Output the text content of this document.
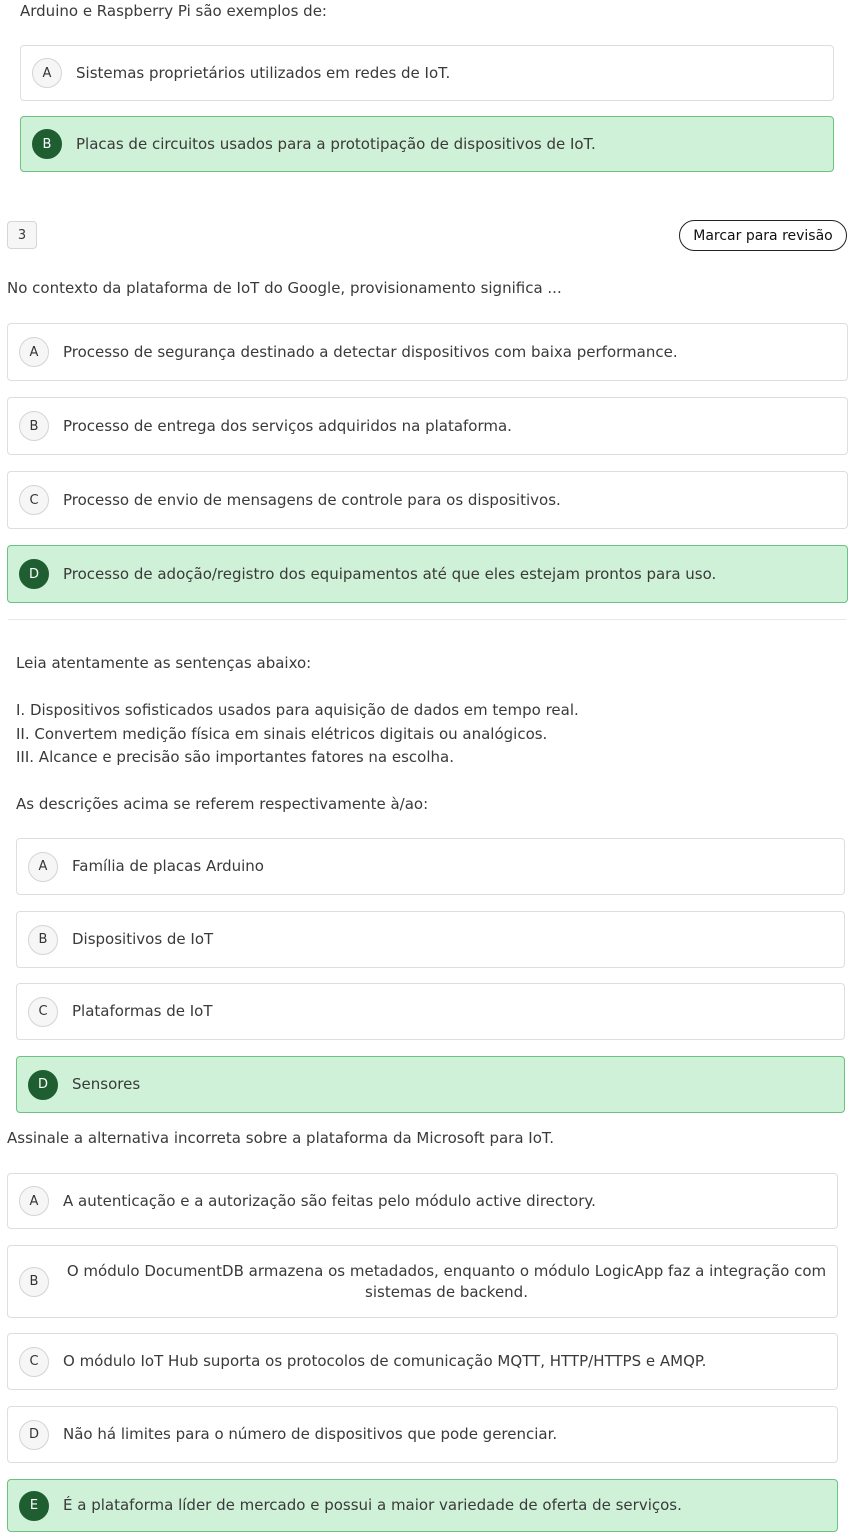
Arduino e Raspberry Pi são exemplos de:
A	Sistemas proprietários utilizados em redes de IoT.
B	Placas de circuitos usados para a prototipação de dispositivos de IoT.
3	Marcar para revisão
No contexto da plataforma de IoT do Google, provisionamento significa ...
A	Processo de segurança destinado a detectar dispositivos com baixa performance.
B	Processo de entrega dos serviços adquiridos na plataforma.
C	Processo de envio de mensagens de controle para os dispositivos.
D	Processo de adoção/registro dos equipamentos até que eles estejam prontos para uso.
Leia atentamente as sentenças abaixo:
I. Dispositivos sofisticados usados para aquisição de dados em tempo real.
II. Convertem medição física em sinais elétricos digitais ou analógicos.
III. Alcance e precisão são importantes fatores na escolha.
As descrições acima se referem respectivamente à/ao:
A	Família de placas Arduino
B	Dispositivos de IoT
C	Plataformas de IoT
D	Sensores
Assinale a alternativa incorreta sobre a plataforma da Microsoft para IoT.
A	A autenticação e a autorização são feitas pelo módulo active directory.
B
O módulo DocumentDB armazena os metadados, enquanto o módulo LogicApp faz a integração com
sistemas de backend.
C	O módulo IoT Hub suporta os protocolos de comunicação MQTT, HTTP/HTTPS e AMQP.
D	Não há limites para o número de dispositivos que pode gerenciar.
E	É a plataforma líder de mercado e possui a maior variedade de oferta de serviços.
